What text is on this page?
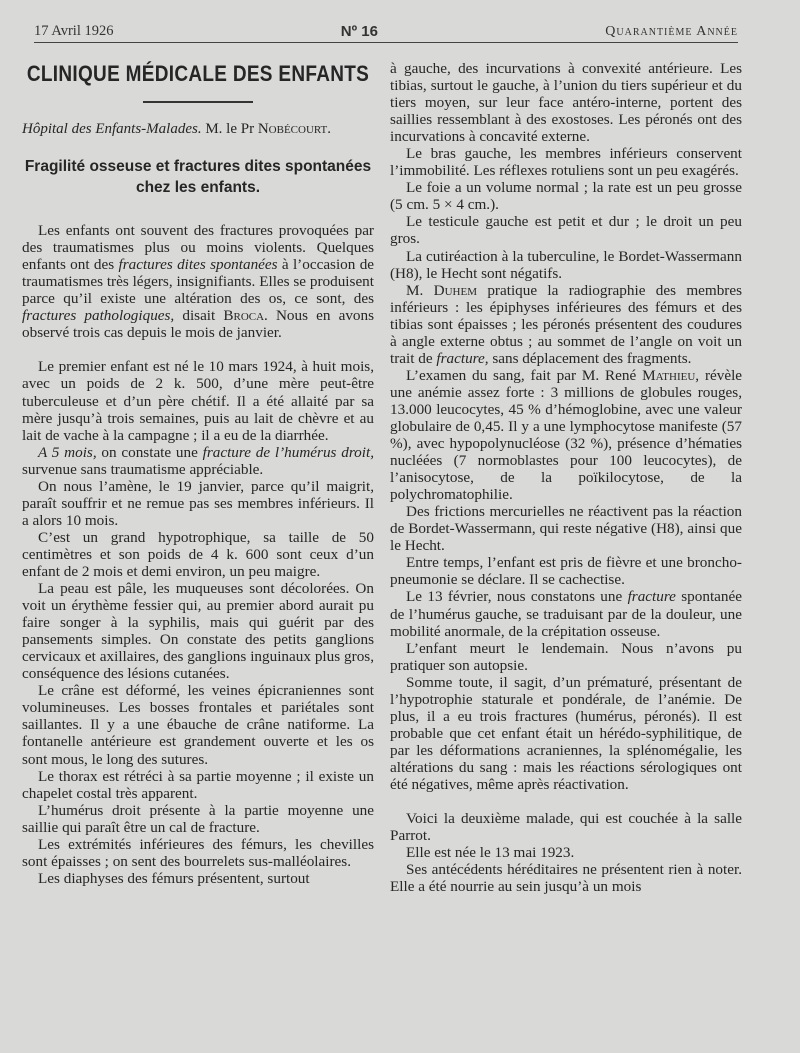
17 Avril 1926	Nº 16	Quarantième Année
CLINIQUE MÉDICALE DES ENFANTS

Hôpital des Enfants-Malades. M. le Pr Nobécourt.

Fragilité osseuse et fractures dites spontanées
chez les enfants.

Les enfants ont souvent des fractures provoquées par des traumatismes plus ou moins violents. Quelques enfants ont des fractures dites spontanées à l’occasion de traumatismes très légers, insignifiants. Elles se produisent parce qu’il existe une altération des os, ce sont, des fractures pathologiques, disait Broca. Nous en avons observé trois cas depuis le mois de janvier.

Le premier enfant est né le 10 mars 1924, à huit mois, avec un poids de 2 k. 500, d’une mère peut-être tuberculeuse et d’un père chétif. Il a été allaité par sa mère jusqu’à trois semaines, puis au lait de chèvre et au lait de vache à la campagne ; il a eu de la diarrhée.

A 5 mois, on constate une fracture de l’humérus droit, survenue sans traumatisme appréciable.

On nous l’amène, le 19 janvier, parce qu’il maigrit, paraît souffrir et ne remue pas ses membres inférieurs. Il a alors 10 mois.

C’est un grand hypotrophique, sa taille de 50 centimètres et son poids de 4 k. 600 sont ceux d’un enfant de 2 mois et demi environ, un peu maigre.

La peau est pâle, les muqueuses sont décolorées. On voit un érythème fessier qui, au premier abord aurait pu faire songer à la syphilis, mais qui guérit par des pansements simples. On constate des petits ganglions cervicaux et axillaires, des ganglions inguinaux plus gros, conséquence des lésions cutanées.

Le crâne est déformé, les veines épicraniennes sont volumineuses. Les bosses frontales et pariétales sont saillantes. Il y a une ébauche de crâne natiforme. La fontanelle antérieure est grandement ouverte et les os sont mous, le long des sutures.

Le thorax est rétréci à sa partie moyenne ; il existe un chapelet costal très apparent.

L’humérus droit présente à la partie moyenne une saillie qui paraît être un cal de fracture.

Les extrémités inférieures des fémurs, les chevilles sont épaisses ; on sent des bourrelets sus-malléolaires.

Les diaphyses des fémurs présentent, surtout

à gauche, des incurvations à convexité antérieure. Les tibias, surtout le gauche, à l’union du tiers supérieur et du tiers moyen, sur leur face antéro-interne, portent des saillies ressemblant à des exostoses. Les péronés ont des incurvations à concavité externe.

Le bras gauche, les membres inférieurs conservent l’immobilité. Les réflexes rotuliens sont un peu exagérés.

Le foie a un volume normal ; la rate est un peu grosse (5 cm. 5 × 4 cm.).

Le testicule gauche est petit et dur ; le droit un peu gros.

La cutiréaction à la tuberculine, le Bordet-Wassermann (H8), le Hecht sont négatifs.

M. Duhem pratique la radiographie des membres inférieurs : les épiphyses inférieures des fémurs et des tibias sont épaisses ; les péronés présentent des coudures à angle externe obtus ; au sommet de l’angle on voit un trait de fracture, sans déplacement des fragments.

L’examen du sang, fait par M. René Mathieu, révèle une anémie assez forte : 3 millions de globules rouges, 13.000 leucocytes, 45 % d’hémoglobine, avec une valeur globulaire de 0,45. Il y a une lymphocytose manifeste (57 %), avec hypopolynucléose (32 %), présence d’hématies nucléées (7 normoblastes pour 100 leucocytes), de l’anisocytose, de la poïkilocytose, de la polychromatophilie.

Des frictions mercurielles ne réactivent pas la réaction de Bordet-Wassermann, qui reste négative (H8), ainsi que le Hecht.

Entre temps, l’enfant est pris de fièvre et une broncho-pneumonie se déclare. Il se cachectise.

Le 13 février, nous constatons une fracture spontanée de l’humérus gauche, se traduisant par de la douleur, une mobilité anormale, de la crépitation osseuse.

L’enfant meurt le lendemain. Nous n’avons pu pratiquer son autopsie.

Somme toute, il sagit, d’un prématuré, présentant de l’hypotrophie staturale et pondérale, de l’anémie. De plus, il a eu trois fractures (humérus, péronés). Il est probable que cet enfant était un hérédo-syphilitique, de par les déformations acraniennes, la splénomégalie, les altérations du sang : mais les réactions sérologiques ont été négatives, même après réactivation.

Voici la deuxième malade, qui est couchée à la salle Parrot.

Elle est née le 13 mai 1923.

Ses antécédents héréditaires ne présentent rien à noter. Elle a été nourrie au sein jusqu’à un mois
